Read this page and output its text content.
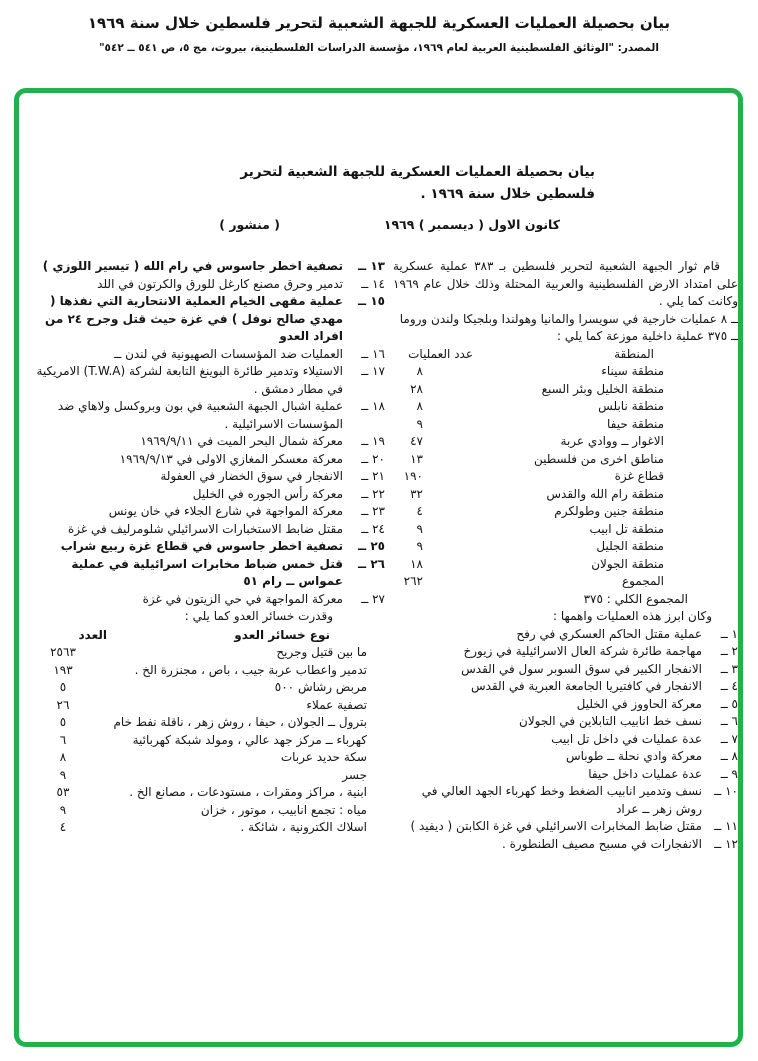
بيان بحصيلة العمليات العسكرية للجبهة الشعبية لتحرير فلسطين خلال سنة ١٩٦٩
المصدر: "الوثائق الفلسطينية العربية لعام ١٩٦٩، مؤسسة الدراسات الفلسطينية، بيروت، مج ٥، ص ٥٤١ ــ ٥٤٢"
بيان بحصيلة العمليات العسكرية للجبهة الشعبية لتحرير
فلسطين خلال سنة ١٩٦٩ .
كانون الاول ( ديسمبر ) ١٩٦٩
( منشور )

قام ثوار الجبهة الشعبية لتحرير فلسطين بـ ٣٨٣ عملية عسكرية على امتداد الارض الفلسطينية والعربية المحتلة وذلك خلال عام ١٩٦٩ وكانت كما يلي .

ــ ٨ عمليات خارجية في سويسرا والمانيا وهولندا وبلجيكا ولندن وروما

ــ ٣٧٥ عملية داخلية موزعة كما يلي :

المنطقة
عدد العمليات
منطقة سيناء
٨
منطقة الخليل وبئر السبع
٢٨
منطقة نابلس
٨
منطقة حيفا
٩
الاغوار ــ ووادي عربة
٤٧
مناطق اخرى من فلسطين
١٣
قطاع غزة
١٩٠
منطقة رام الله والقدس
٣٢
منطقة جنين وطولكرم
٤
منطقة تل ابيب
٩
منطقة الجليل
٩
منطقة الجولان
١٨
المجموع
٢٦٢
المجموع الكلي : ٣٧٥

وكان ابرز هذه العمليات واهمها :

١ ــ
عملية مقتل الحاكم العسكري في رفح
٢ ــ
مهاجمة طائرة شركة العال الاسرائيلية في زيورخ
٣ ــ
الانفجار الكبير في سوق السوبر سول في القدس
٤ ــ
الانفجار في كافتيريا الجامعة العبرية في القدس
٥ ــ
معركة الحاووز في الخليل
٦ ــ
نسف خط انابيب التابلاين في الجولان
٧ ــ
عدة عمليات في داخل تل ابيب
٨ ــ
معركة وادي نحلة ــ طوباس
٩ ــ
عدة عمليات داخل حيفا
١٠ ــ
نسف وتدمير انابيب الضغط وخط كهرباء الجهد العالي في روش زهر ــ عراد
١١ ــ
مقتل ضابط المخابرات الاسرائيلي في غزة الكابتن ( ديفيد )
١٢ ــ
الانفجارات في مسبح مصيف الطنطورة .
١٣ ــ
تصفية اخطر جاسوس في رام الله ( تيسير اللوزي )
١٤ ــ
تدمير وحرق مصنع كارغل للورق والكرتون في اللد
١٥ ــ
عملية مقهى الخيام العملية الانتحارية التي نفذها ( مهدي صالح نوفل ) في غزة حيث قتل وجرح ٢٤ من افراد العدو
١٦ ــ
العمليات ضد المؤسسات الصهيونية في لندن ــ
١٧ ــ
الاستيلاء وتدمير طائرة البوينغ التابعة لشركة (T.W.A) الامريكية في مطار دمشق .
١٨ ــ
عملية اشبال الجبهة الشعبية في بون وبروكسل ولاهاي ضد المؤسسات الاسرائيلية .
١٩ ــ
معركة شمال البحر الميت في ١٩٦٩/٩/١١
٢٠ ــ
معركة معسكر المغازي الاولى في ١٩٦٩/٩/١٣
٢١ ــ
الانفجار في سوق الخضار في العفولة
٢٢ ــ
معركة رأس الجوره في الخليل
٢٣ ــ
معركة المواجهة في شارع الجلاء في خان يونس
٢٤ ــ
مقتل ضابط الاستخبارات الاسرائيلي شلومرليف في غزة
٢٥ ــ
تصفية اخطر جاسوس في قطاع غزة ربيع شراب
٢٦ ــ
قتل خمس ضباط مخابرات اسرائيلية في عملية عمواس ــ رام ٥١
٢٧ ــ
معركة المواجهة في حي الزيتون في غزة

وقدرت خسائر العدو كما يلي :

نوع خسائر العدو
العدد
ما بين قتيل وجريح
٢٥٦٣
تدمير واعطاب عربة جيب ، باص ، مجنزرة الخ .
١٩٣
مربض رشاش ٥٠٠
٥
تصفية عملاء
٢٦
بترول ــ الجولان ، حيفا ، روش زهر ، ناقلة نفط خام
٥
كهرباء ــ مركز جهد عالي ، ومولد شبكة كهربائية
٦
سكة حديد عربات
٨
جسر
٩
ابنية ، مراكز ومقرات ، مستودعات ، مصانع الخ .
٥٣
مياه : تجمع انابيب ، موتور ، خزان
٩
اسلاك الكترونية ، شائكة .
٤
